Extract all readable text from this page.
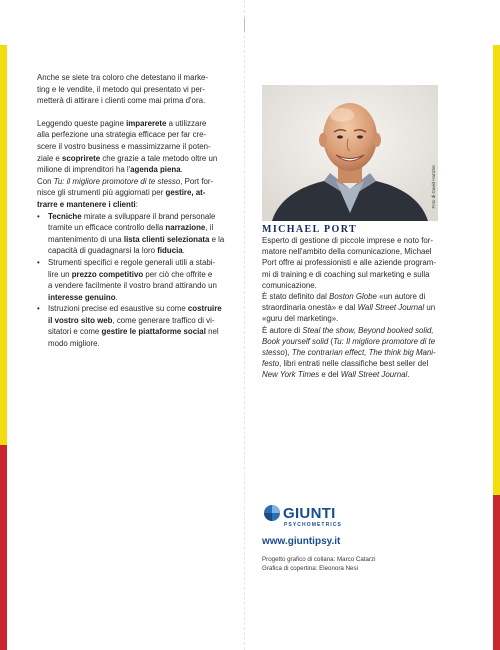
Anche se siete tra coloro che detestano il marke-

ting e le vendite, il metodo qui presentato vi per-

metterà di attirare i clienti come mai prima d'ora.

Leggendo queste pagine imparerete a utilizzare

alla perfezione una strategia efficace per far cre-

scere il vostro business e massimizzarne il poten-

ziale e scoprirete che grazie a tale metodo oltre un

milione di imprenditori ha l'agenda piena.

Con Tu: il migliore promotore di te stesso, Port for-

nisce gli strumenti più aggiornati per gestire, at-

trarre e mantenere i clienti:

• Tecniche mirate a sviluppare il brand personale
tramite un efficace controllo della narrazione, il
mantenimento di una lista clienti selezionata e la
capacità di guadagnarsi la loro fiducia.
• Strumenti specifici e regole generali utili a stabi-
lire un prezzo competitivo per ciò che offrite e
a vendere facilmente il vostro brand attirando un
interesse genuino.
• Istruzioni precise ed esaustive su come costruire
il vostro sito web, come generare traffico di vi-
sitatori e come gestire le piattaforme social nel
modo migliore.
Foto di David Hartzler
MICHAEL PORT

Esperto di gestione di piccole imprese e noto for-

matore nell'ambito della comunicazione, Michael

Port offre ai professionisti e alle aziende program-

mi di training e di coaching sul marketing e sulla

comunicazione.

È stato definito dal Boston Globe «un autore di

straordinaria onestà» e dal Wall Street Journal un

«guru del marketing».

È autore di Steal the show, Beyond booked solid,

Book yourself solid (Tu: Il migliore promotore di te

stesso), The contrarian effect, The think big Mani-

festo, libri entrati nelle classifiche best seller del

New York Times e del Wall Street Journal.

GIUNTI
PSYCHOMETRICS
www.giuntipsy.it
Progetto grafico di collana: Marco Catarzi
Grafica di copertina: Eleonora Nesi
